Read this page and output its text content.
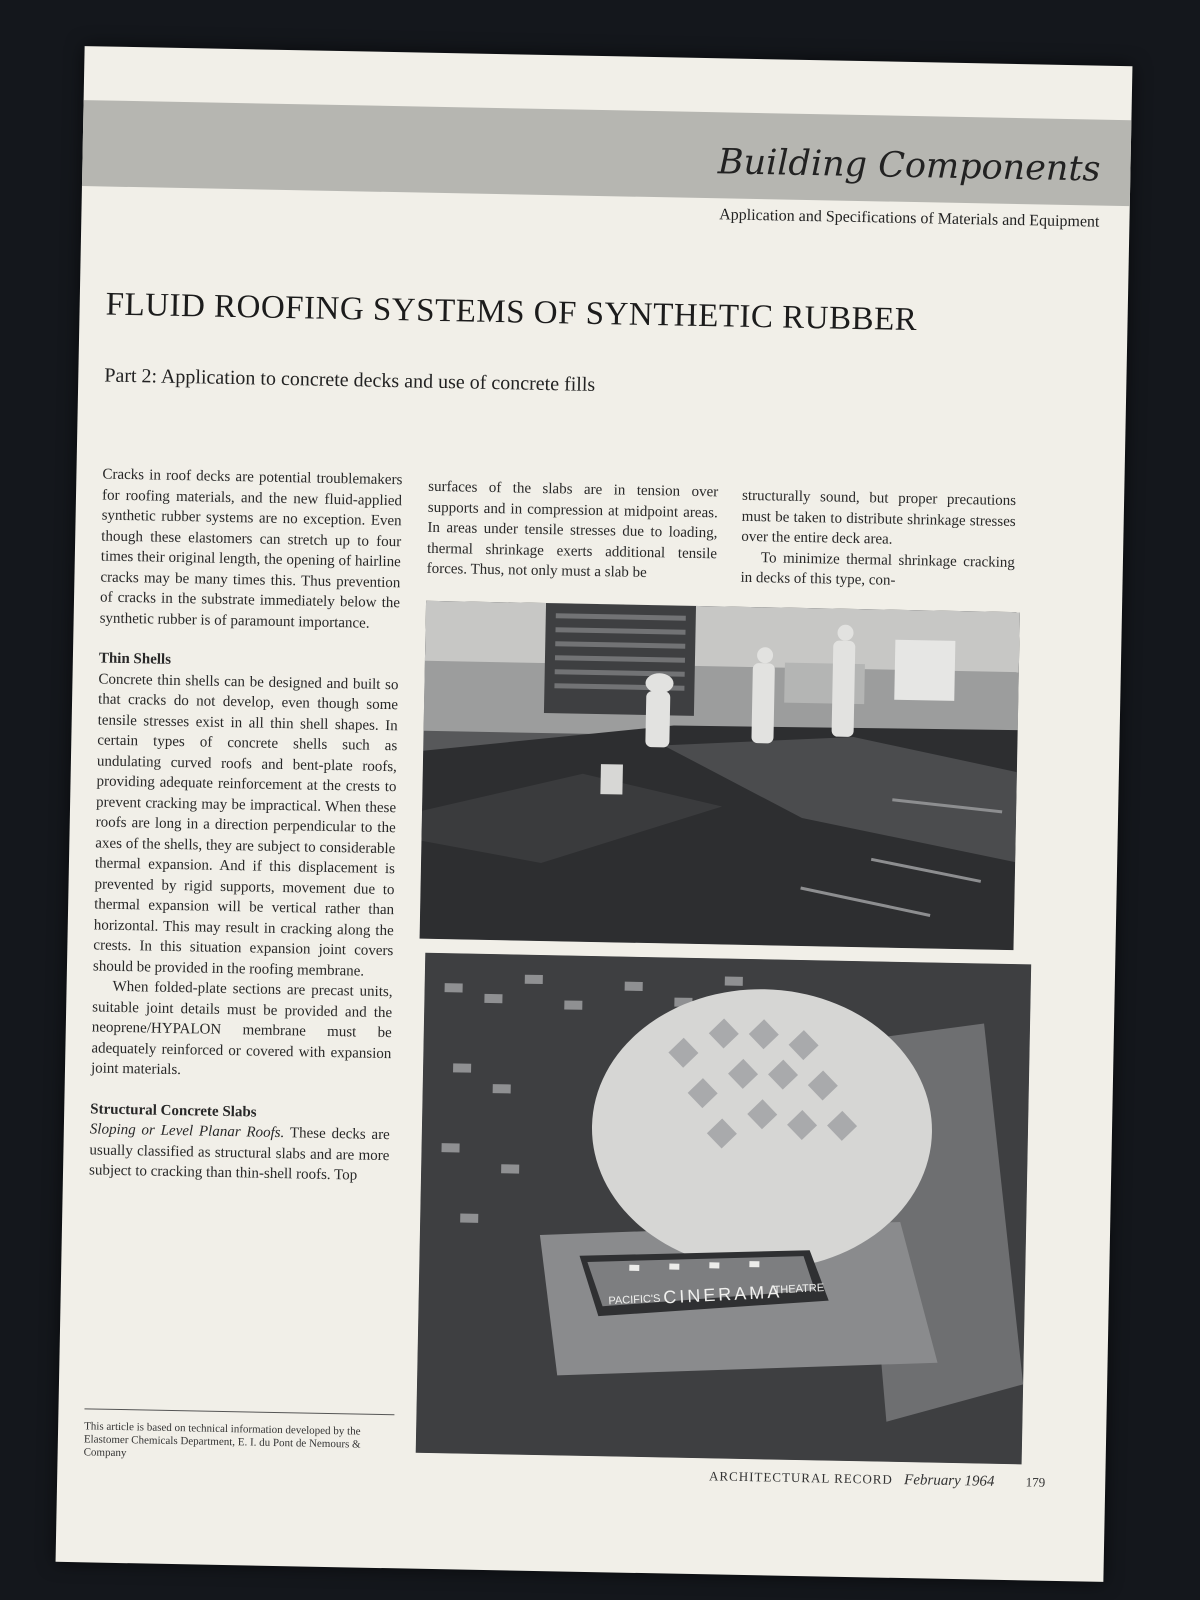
Building Components
Application and Specifications of Materials and Equipment
FLUID ROOFING SYSTEMS OF SYNTHETIC RUBBER
Part 2: Application to concrete decks and use of concrete fills

Cracks in roof decks are potential troublemakers for roofing materials, and the new fluid-applied synthetic rubber systems are no exception. Even though these elastomers can stretch up to four times their original length, the opening of hairline cracks may be many times this. Thus prevention of cracks in the substrate immediately below the synthetic rubber is of paramount importance.

Thin Shells

Concrete thin shells can be designed and built so that cracks do not develop, even though some tensile stresses exist in all thin shell shapes. In certain types of concrete shells such as undulating curved roofs and bent-plate roofs, providing adequate reinforcement at the crests to prevent cracking may be impractical. When these roofs are long in a direction perpendicular to the axes of the shells, they are subject to considerable thermal expansion. And if this displacement is prevented by rigid supports, movement due to thermal expansion will be vertical rather than horizontal. This may result in cracking along the crests. In this situation expansion joint covers should be provided in the roofing membrane.

When folded-plate sections are precast units, suitable joint details must be provided and the neoprene/HYPALON membrane must be adequately reinforced or covered with expansion joint materials.

Structural Concrete Slabs

Sloping or Level Planar Roofs. These decks are usually classified as structural slabs and are more subject to cracking than thin-shell roofs. Top

surfaces of the slabs are in tension over supports and in compression at midpoint areas. In areas under tensile stresses due to loading, thermal shrinkage exerts additional tensile forces. Thus, not only must a slab be

structurally sound, but proper precautions must be taken to distribute shrinkage stresses over the entire deck area.

To minimize thermal shrinkage cracking in decks of this type, con-

PACIFIC'S CINERAMA
THEATRE
This article is based on technical information developed by the Elastomer Chemicals Department, E. I. du Pont de Nemours & Company
ARCHITECTURAL RECORD February 1964 179
